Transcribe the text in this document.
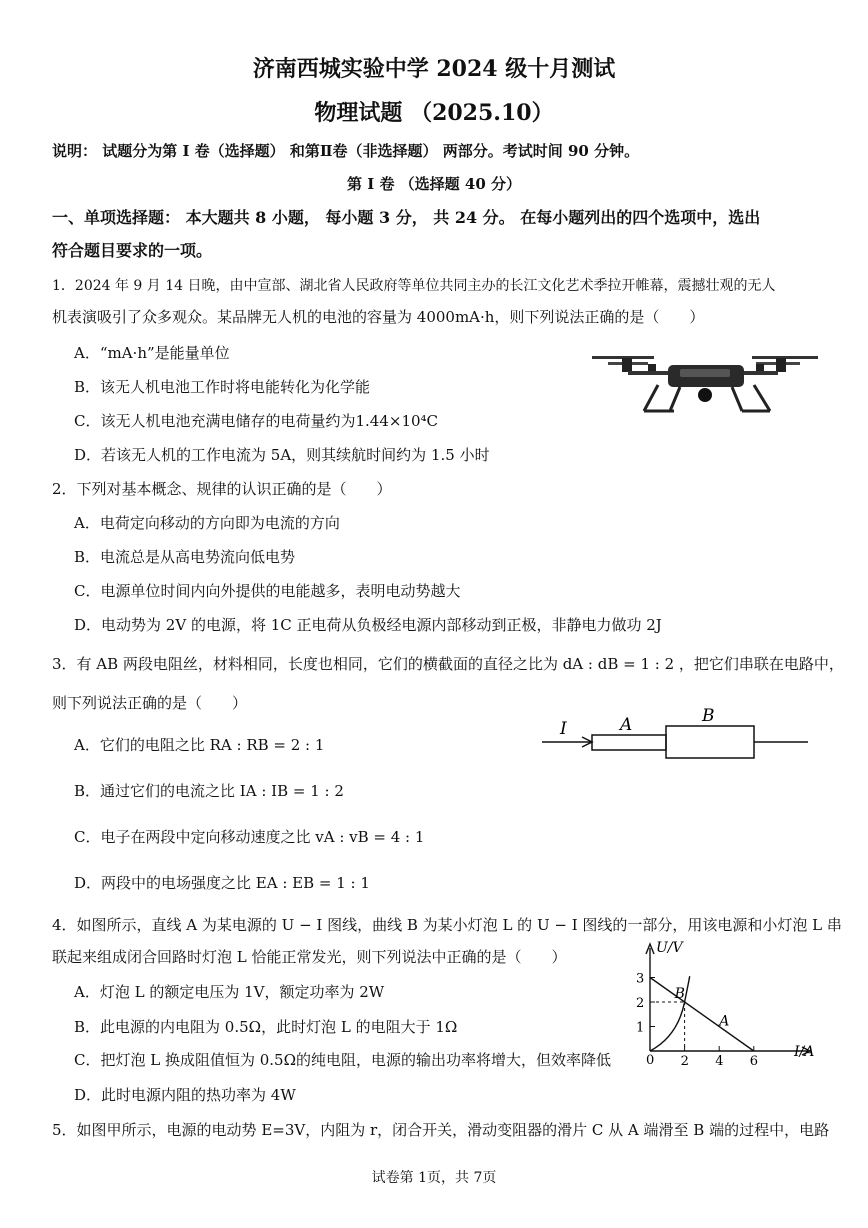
济南西城实验中学 2024 级十月测试
物理试题 （2025.10）
说明： 试题分为第 I 卷（选择题） 和第Ⅱ卷（非选择题） 两部分。考试时间 90 分钟。
第 I 卷 （选择题 40 分）
一、单项选择题： 本大题共 8 小题， 每小题 3 分， 共 24 分。 在每小题列出的四个选项中，选出
符合题目要求的一项。
1．2024 年 9 月 14 日晚，由中宣部、湖北省人民政府等单位共同主办的长江文化艺术季拉开帷幕，震撼壮观的无人
机表演吸引了众多观众。某品牌无人机的电池的容量为 4000mA·h，则下列说法正确的是（　　）
A．“mA·h”是能量单位
B．该无人机电池工作时将电能转化为化学能
C．该无人机电池充满电储存的电荷量约为1.44×10⁴C
D．若该无人机的工作电流为 5A，则其续航时间约为 1.5 小时
2．下列对基本概念、规律的认识正确的是（　　）
A．电荷定向移动的方向即为电流的方向
B．电流总是从高电势流向低电势
C．电源单位时间内向外提供的电能越多，表明电动势越大
D．电动势为 2V 的电源，将 1C 正电荷从负极经电源内部移动到正极，非静电力做功 2J
3．有 AB 两段电阻丝，材料相同，长度也相同，它们的横截面的直径之比为 dA : dB = 1 : 2 ，把它们串联在电路中，
则下列说法正确的是（　　）
A．它们的电阻之比 RA : RB = 2 : 1
B．通过它们的电流之比 IA : IB = 1 : 2
C．电子在两段中定向移动速度之比 vA : vB = 4 : 1
D．两段中的电场强度之比 EA : EB = 1 : 1
I	A	B
4．如图所示，直线 A 为某电源的 U − I 图线，曲线 B 为某小灯泡 L 的 U − I 图线的一部分，用该电源和小灯泡 L 串
联起来组成闭合回路时灯泡 L 恰能正常发光，则下列说法中正确的是（　　）
A．灯泡 L 的额定电压为 1V，额定功率为 2W
B．此电源的内电阻为 0.5Ω，此时灯泡 L 的电阻大于 1Ω
C．把灯泡 L 换成阻值恒为 0.5Ω的纯电阻，电源的输出功率将增大，但效率降低
D．此时电源内阻的热功率为 4W
1
2
3
2 4 6
U/V
I/A
0
B
A
5．如图甲所示，电源的电动势 E=3V，内阻为 r，闭合开关，滑动变阻器的滑片 C 从 A 端滑至 B 端的过程中，电路
试卷第 1页，共 7页
